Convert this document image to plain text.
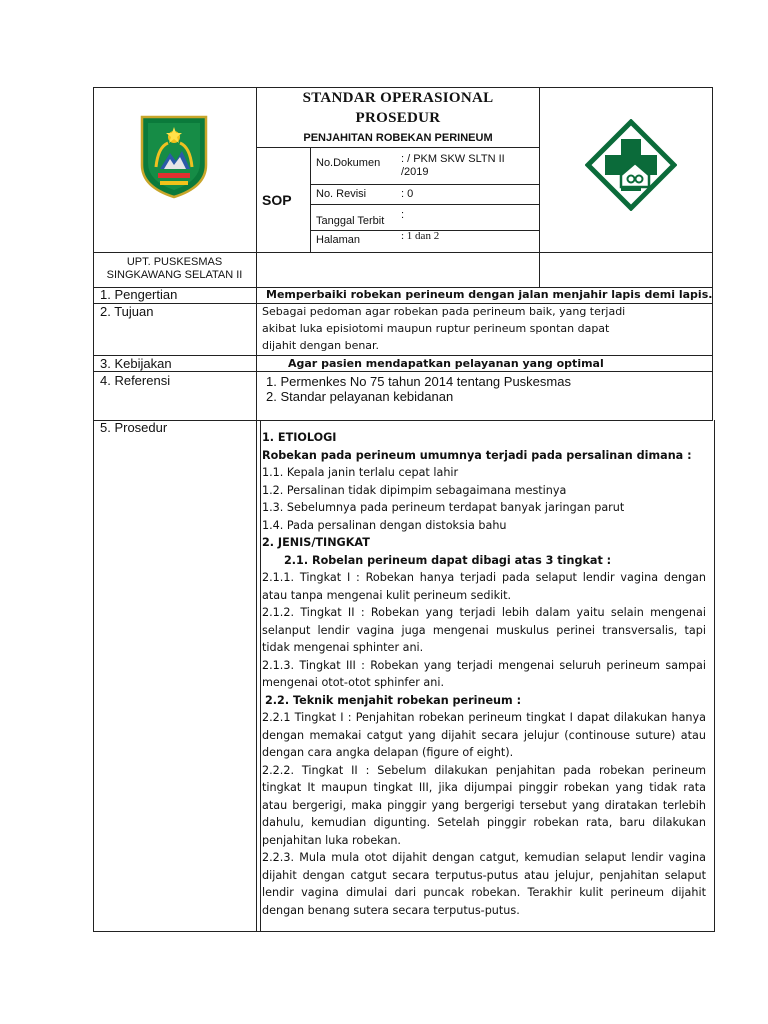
STANDAR OPERASIONAL
PROSEDUR
PENJAHITAN ROBEKAN PERINEUM
SOP
No.Dokumen : / PKM SKW SLTN II
/2019
No. Revisi	: 0
Tanggal Terbit :
Halaman	: 1 dan 2
UPT. PUSKESMAS
SINGKAWANG SELATAN II
1. Pengertian
2. Tujuan
3. Kebijakan
4. Referensi
5. Prosedur
Memperbaiki robekan perineum dengan jalan menjahir lapis demi lapis.
Sebagai pedoman agar robekan pada perineum baik, yang terjadi
akibat luka episiotomi maupun ruptur perineum spontan dapat
dijahit dengan benar.
Agar pasien mendapatkan pelayanan yang optimal
1. Permenkes No 75 tahun 2014 tentang Puskesmas
2. Standar pelayanan kebidanan

1. ETIOLOGI

Robekan pada perineum umumnya terjadi pada persalinan dimana :

1.1. Kepala janin terlalu cepat lahir

1.2. Persalinan tidak dipimpim sebagaimana mestinya

1.3. Sebelumnya pada perineum terdapat banyak jaringan parut

1.4. Pada persalinan dengan distoksia bahu

2. JENIS/TINGKAT

2.1. Robelan perineum dapat dibagi atas 3 tingkat :

2.1.1. Tingkat I : Robekan hanya terjadi pada selaput lendir vagina dengan atau tanpa mengenai kulit perineum sedikit.

2.1.2. Tingkat II : Robekan yang terjadi lebih dalam yaitu selain mengenai selanput lendir vagina juga mengenai muskulus perinei transversalis, tapi tidak mengenai sphinter ani.

2.1.3. Tingkat III : Robekan yang terjadi mengenai seluruh perineum sampai mengenai otot-otot sphinfer ani.

2.2. Teknik menjahit robekan perineum :

2.2.1 Tingkat I : Penjahitan robekan perineum tingkat I dapat dilakukan hanya dengan memakai catgut yang dijahit secara jelujur (continouse suture) atau dengan cara angka delapan (figure of eight).

2.2.2. Tingkat II : Sebelum dilakukan penjahitan pada robekan perineum tingkat It maupun tingkat III, jika dijumpai pinggir robekan yang tidak rata atau bergerigi, maka pinggir yang bergerigi tersebut yang diratakan terlebih dahulu, kemudian digunting. Setelah pinggir robekan rata, baru dilakukan penjahitan luka robekan.

2.2.3. Mula mula otot dijahit dengan catgut, kemudian selaput lendir vagina dijahit dengan catgut secara terputus-putus atau jelujur, penjahitan selaput lendir vagina dimulai dari puncak robekan. Terakhir kulit perineum dijahit dengan benang sutera secara terputus-putus.
